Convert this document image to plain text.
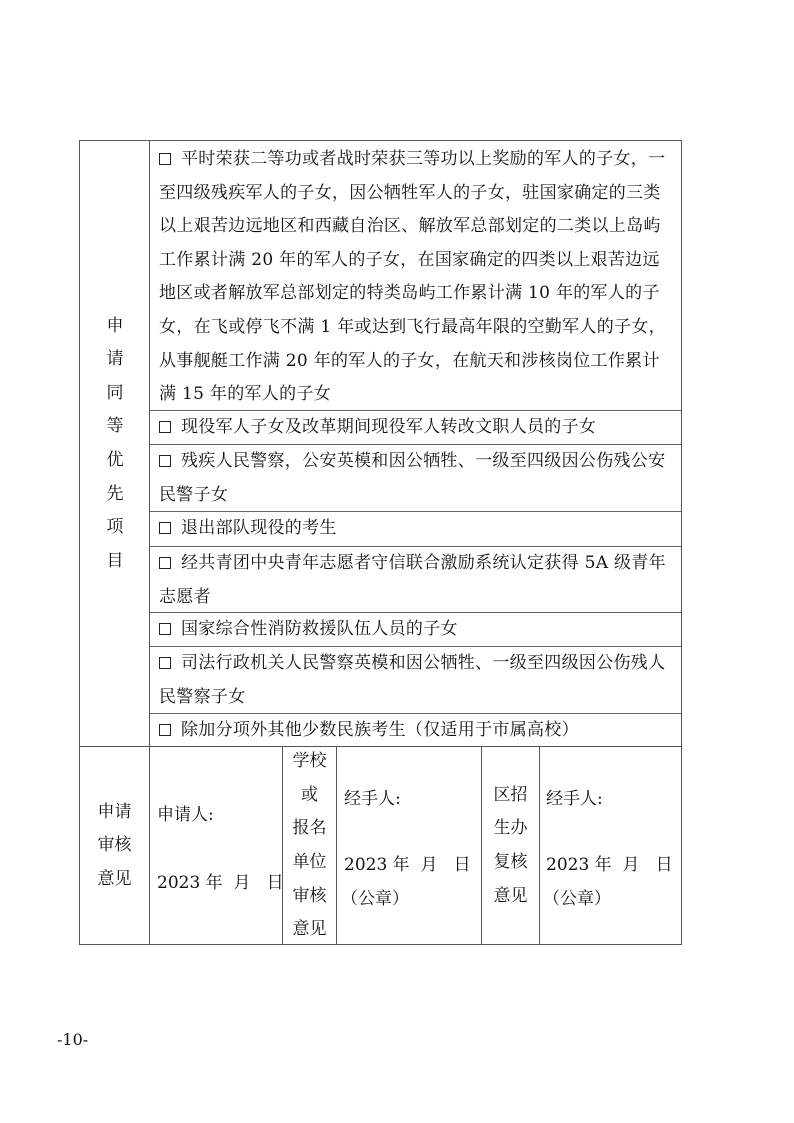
申
请
同
等
优
先
项
目
平时荣获二等功或者战时荣获三等功以上奖励的军人的子女，一至四级残疾军人的子女，因公牺牲军人的子女，驻国家确定的三类以上艰苦边远地区和西藏自治区、解放军总部划定的二类以上岛屿工作累计满 20 年的军人的子女，在国家确定的四类以上艰苦边远地区或者解放军总部划定的特类岛屿工作累计满 10 年的军人的子女，在飞或停飞不满 1 年或达到飞行最高年限的空勤军人的子女，从事舰艇工作满 20 年的军人的子女，在航天和涉核岗位工作累计满 15 年的军人的子女
现役军人子女及改革期间现役军人转改文职人员的子女
残疾人民警察，公安英模和因公牺牲、一级至四级因公伤残公安民警子女
退出部队现役的考生
经共青团中央青年志愿者守信联合激励系统认定获得 5A 级青年志愿者
国家综合性消防救援队伍人员的子女
司法行政机关人民警察英模和因公牺牲、一级至四级因公伤残人民警察子女
除加分项外其他少数民族考生（仅适用于市属高校）
申请
审核
意见
申请人:
2023 年  月   日
学校
或
报名
单位
审核
意见
经手人:
2023 年  月   日
（公章）
区招
生办
复核
意见
经手人:
2023 年  月   日
（公章）
-10-
